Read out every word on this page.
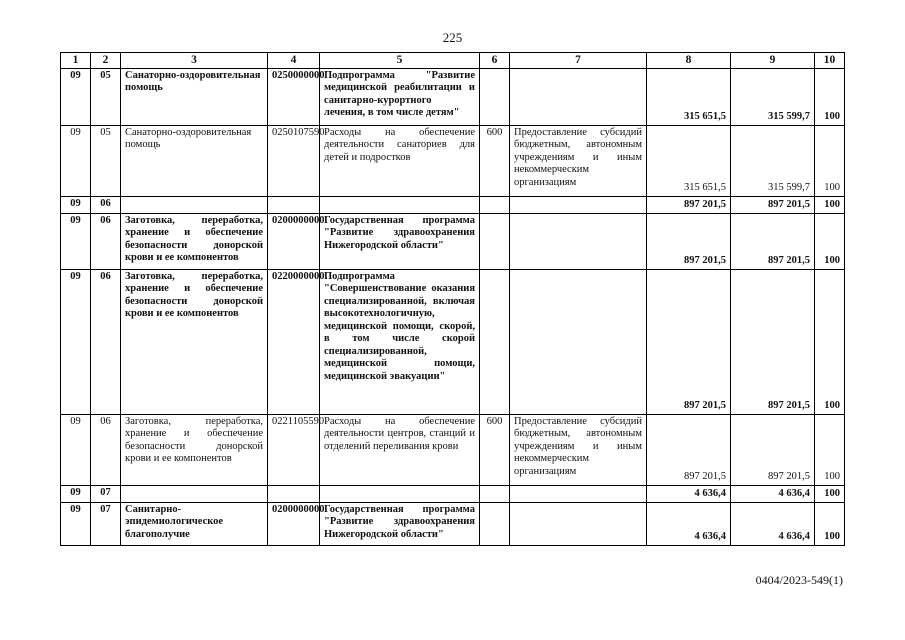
225
1	2	3	4	5	6	7	8	9	10
09	05	Санаторно-оздоровительная помощь	0250000000	Подпрограмма "Развитие медицинской реабилитации и санитарно-курортного лечения, в том числе детям"			315 651,5	315 599,7	100
09	05	Санаторно-оздоровительная помощь	0250107590	Расходы на обеспечение деятельности санаториев для детей и подростков	600	Предоставление субсидий бюджетным, автономным учреждениям и иным некоммерческим организациям	315 651,5	315 599,7	100
09	06						897 201,5	897 201,5	100
09	06	Заготовка, переработка, хранение и обеспечение безопасности донорской крови и ее компонентов	0200000000	Государственная программа "Развитие здравоохранения Нижегородской области"			897 201,5	897 201,5	100
09	06	Заготовка, переработка, хранение и обеспечение безопасности донорской крови и ее компонентов	0220000000	Подпрограмма "Совершенствование оказания специализированной, включая высокотехнологичную, медицинской помощи, скорой, в том числе скорой специализированной, медицинской помощи, медицинской эвакуации"			897 201,5	897 201,5	100
09	06	Заготовка, переработка, хранение и обеспечение безопасности донорской крови и ее компонентов	0221105590	Расходы на обеспечение деятельности центров, станций и отделений переливания крови	600	Предоставление субсидий бюджетным, автономным учреждениям и иным некоммерческим организациям	897 201,5	897 201,5	100
09	07						4 636,4	4 636,4	100
09	07	Санитарно-эпидемиологическое благополучие	0200000000	Государственная программа "Развитие здравоохранения Нижегородской области"			4 636,4	4 636,4	100
0404/2023-549(1)
